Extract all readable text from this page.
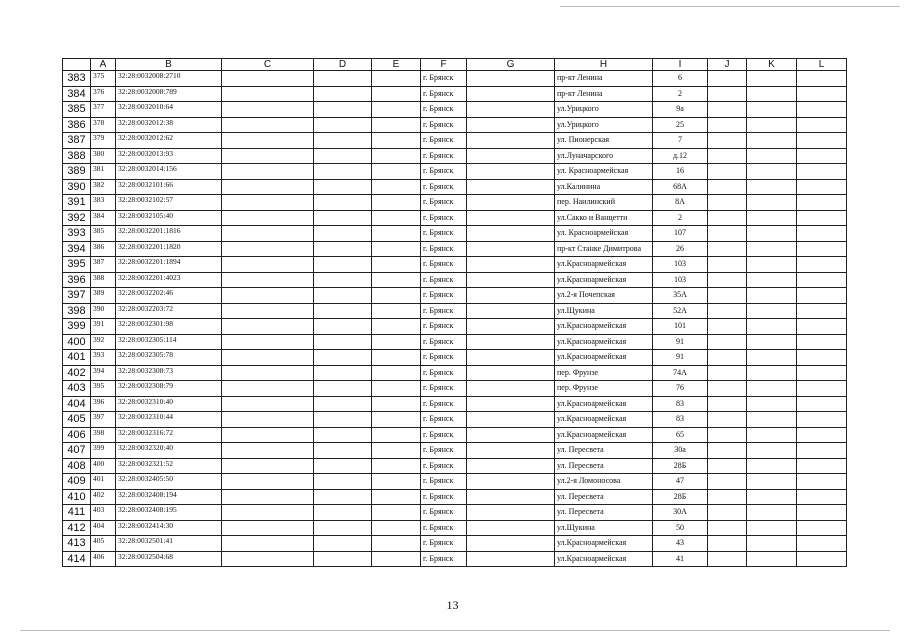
	A	B	C	D	E	F	G	H	I	J	K	L
383	375	32:28:0032008:2710				г. Брянск		пр-кт Ленина	6			
384	376	32:28:0032008:789				г. Брянск		пр-кт Ленина	2			
385	377	32:28:0032010:64				г. Брянск		ул.Урицкого	9а			
386	378	32:28:0032012:38				г. Брянск		ул.Урицкого	25			
387	379	32:28:0032012:62				г. Брянск		ул. Пионерская	7			
388	380	32:28:0032013:93				г. Брянск		ул.Луначарского	д.12			
389	381	32:28:0032014:156				г. Брянск		ул. Красноармейская	16			
390	382	32:28:0032101:66				г. Брянск		ул.Калинина	68А			
391	383	32:28:0032102:57				г. Брянск		пер. Наилинский	8А			
392	384	32:28:0032105:40				г. Брянск		ул.Сакко и Ванцетти	2			
393	385	32:28:0032201:1816				г. Брянск		ул. Красноармейская	107			
394	386	32:28:0032201:1820				г. Брянск		пр-кт Станке Димитрова	26			
395	387	32:28:0032201:1894				г. Брянск		ул.Красноармейская	103			
396	388	32:28:0032201:4023				г. Брянск		ул.Красноармейская	103			
397	389	32:28:0032202:46				г. Брянск		ул.2-я Почепская	35А			
398	390	32:28:0032203:72				г. Брянск		ул.Щукина	52А			
399	391	32:28:0032301:98				г. Брянск		ул.Красноармейская	101			
400	392	32:28:0032305:114				г. Брянск		ул.Красноармейская	91			
401	393	32:28:0032305:78				г. Брянск		ул.Красноармейская	91			
402	394	32:28:0032308:73				г. Брянск		пер. Фрунзе	74А			
403	395	32:28:0032308:79				г. Брянск		пер. Фрунзе	76			
404	396	32:28:0032310:40				г. Брянск		ул.Красноармейская	83			
405	397	32:28:0032310:44				г. Брянск		ул.Красноармейская	83			
406	398	32:28:0032316:72				г. Брянск		ул.Красноармейская	65			
407	399	32:28:0032320:40				г. Брянск		ул. Пересвета	30а			
408	400	32:28:0032321:52				г. Брянск		ул. Пересвета	28Б			
409	401	32:28:0032405:50				г. Брянск		ул.2-я Ломоносова	47			
410	402	32:28:0032408:194				г. Брянск		ул. Пересвета	28Б			
411	403	32:28:0032408:195				г. Брянск		ул. Пересвета	30А			
412	404	32:28:0032414:30				г. Брянск		ул.Щукина	50			
413	405	32:28:0032501:41				г. Брянск		ул.Красноармейская	43			
414	406	32:28:0032504:68				г. Брянск		ул.Красноармейская	41			
13
